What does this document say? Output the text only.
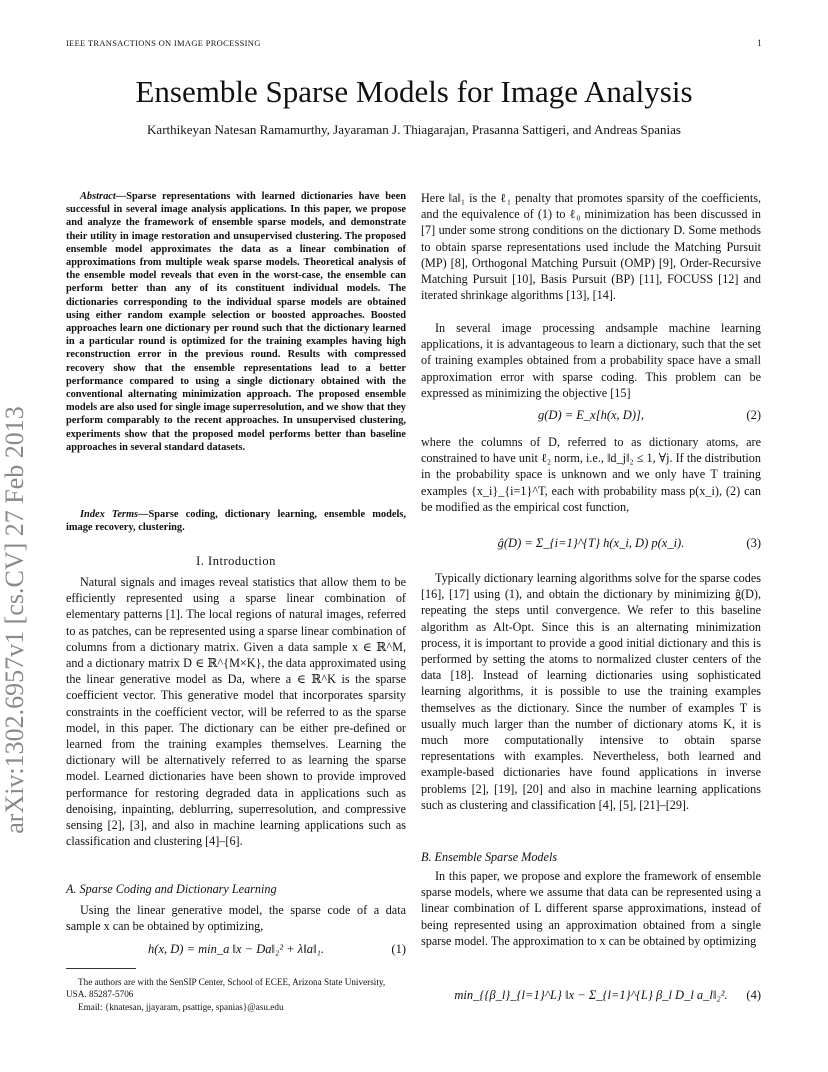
IEEE TRANSACTIONS ON IMAGE PROCESSING	1
arXiv:1302.6957v1 [cs.CV] 27 Feb 2013
Ensemble Sparse Models for Image Analysis
Karthikeyan Natesan Ramamurthy, Jayaraman J. Thiagarajan, Prasanna Sattigeri, and Andreas Spanias
Abstract—Sparse representations with learned dictionaries have been successful in several image analysis applications. In this paper, we propose and analyze the framework of ensemble sparse models, and demonstrate their utility in image restoration and unsupervised clustering. The proposed ensemble model approximates the data as a linear combination of approximations from multiple weak sparse models. Theoretical analysis of the ensemble model reveals that even in the worst-case, the ensemble can perform better than any of its constituent individual models. The dictionaries corresponding to the individual sparse models are obtained using either random example selection or boosted approaches. Boosted approaches learn one dictionary per round such that the dictionary learned in a particular round is optimized for the training examples having high reconstruction error in the previous round. Results with compressed recovery show that the ensemble representations lead to a better performance compared to using a single dictionary obtained with the conventional alternating minimization approach. The proposed ensemble models are also used for single image superresolution, and we show that they perform comparably to the recent approaches. In unsupervised clustering, experiments show that the proposed model performs better than baseline approaches in several standard datasets.
Index Terms—Sparse coding, dictionary learning, ensemble models, image recovery, clustering.
I. Introduction

Natural signals and images reveal statistics that allow them to be efficiently represented using a sparse linear combination of elementary patterns [1]. The local regions of natural images, referred to as patches, can be represented using a sparse linear combination of columns from a dictionary matrix. Given a data sample x ∈ ℝ^M, and a dictionary matrix D ∈ ℝ^{M×K}, the data approximated using the linear generative model as Da, where a ∈ ℝ^K is the sparse coefficient vector. This generative model that incorporates sparsity constraints in the coefficient vector, will be referred to as the sparse model, in this paper. The dictionary can be either pre-defined or learned from the training examples themselves. Learning the dictionary will be alternatively referred to as learning the sparse model. Learned dictionaries have been shown to provide improved performance for restoring degraded data in applications such as denoising, inpainting, deblurring, superresolution, and compressive sensing [2], [3], and also in machine learning applications such as classification and clustering [4]–[6].

A. Sparse Coding and Dictionary Learning

Using the linear generative model, the sparse code of a data sample x can be obtained by optimizing,

h(x, D) = min_a ‖x − Da‖₂² + λ‖a‖₁.	(1)
The authors are with the SenSIP Center, School of ECEE, Arizona State University, USA. 85287-5706
Email: {knatesan, jjayaram, psattige, spanias}@asu.edu

Here ‖a‖₁ is the ℓ₁ penalty that promotes sparsity of the coefficients, and the equivalence of (1) to ℓ₀ minimization has been discussed in [7] under some strong conditions on the dictionary D. Some methods to obtain sparse representations used include the Matching Pursuit (MP) [8], Orthogonal Matching Pursuit (OMP) [9], Order-Recursive Matching Pursuit [10], Basis Pursuit (BP) [11], FOCUSS [12] and iterated shrinkage algorithms [13], [14].

In several image processing andsample machine learning applications, it is advantageous to learn a dictionary, such that the set of training examples obtained from a probability space have a small approximation error with sparse coding. This problem can be expressed as minimizing the objective [15]

g(D) = E_x[h(x, D)],	(2)

where the columns of D, referred to as dictionary atoms, are constrained to have unit ℓ₂ norm, i.e., ‖d_j‖₂ ≤ 1, ∀j. If the distribution in the probability space is unknown and we only have T training examples {x_i}_{i=1}^T, each with probability mass p(x_i), (2) can be modified as the empirical cost function,

ĝ(D) = Σ_{i=1}^{T} h(x_i, D) p(x_i).	(3)

Typically dictionary learning algorithms solve for the sparse codes [16], [17] using (1), and obtain the dictionary by minimizing ĝ(D), repeating the steps until convergence. We refer to this baseline algorithm as Alt-Opt. Since this is an alternating minimization process, it is important to provide a good initial dictionary and this is performed by setting the atoms to normalized cluster centers of the data [18]. Instead of learning dictionaries using sophisticated learning algorithms, it is possible to use the training examples themselves as the dictionary. Since the number of examples T is usually much larger than the number of dictionary atoms K, it is much more computationally intensive to obtain sparse representations with examples. Nevertheless, both learned and example-based dictionaries have found applications in inverse problems [2], [19], [20] and also in machine learning applications such as clustering and classification [4], [5], [21]–[29].

B. Ensemble Sparse Models

In this paper, we propose and explore the framework of ensemble sparse models, where we assume that data can be represented using a linear combination of L different sparse approximations, instead of being represented using an approximation obtained from a single sparse model. The approximation to x can be obtained by optimizing

min_{{β_l}_{l=1}^L} ‖x − Σ_{l=1}^{L} β_l D_l a_l‖₂².	(4)
